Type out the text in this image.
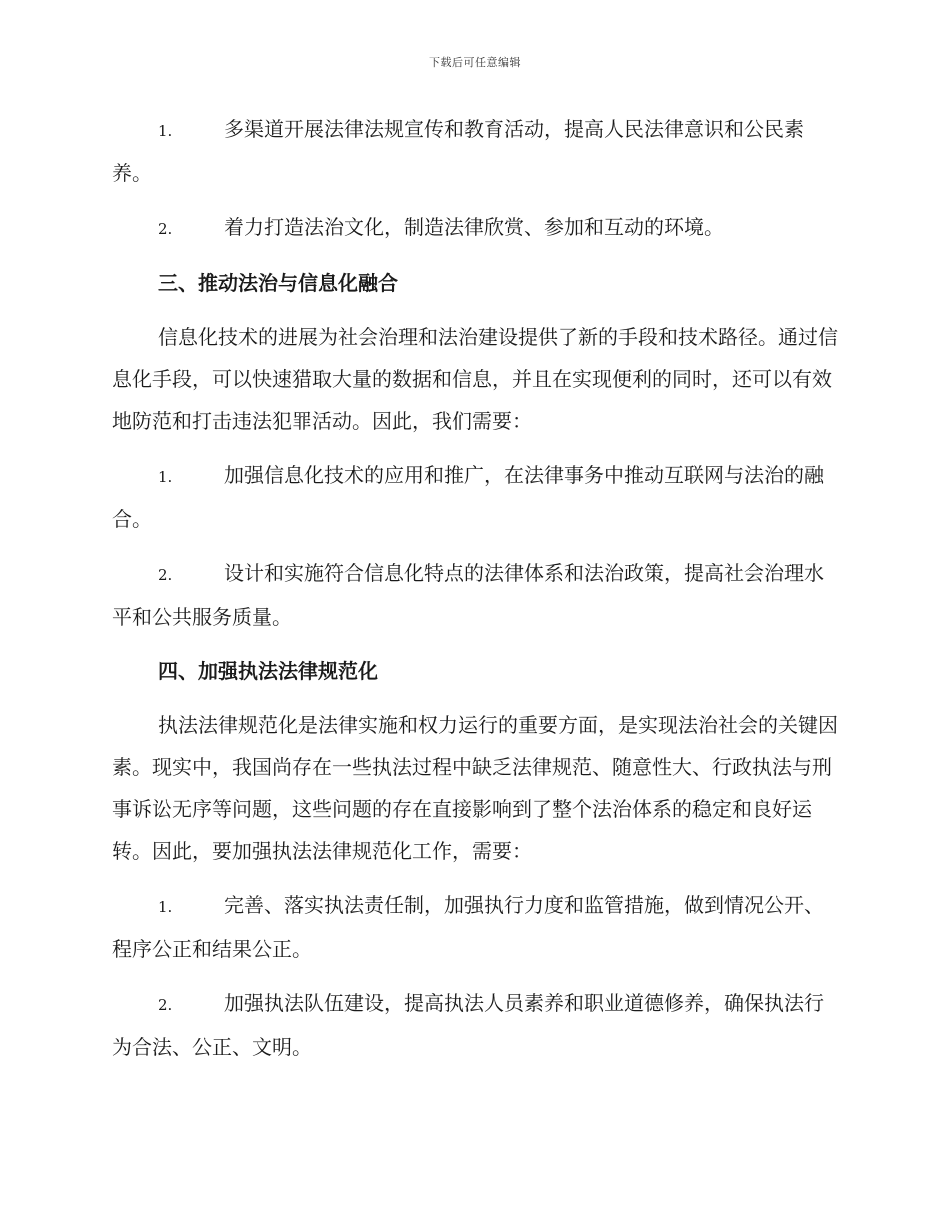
下载后可任意编辑
1.	多渠道开展法律法规宣传和教育活动，提高人民法律意识和公民素养。
2.	着力打造法治文化，制造法律欣赏、参加和互动的环境。
三、推动法治与信息化融合
信息化技术的进展为社会治理和法治建设提供了新的手段和技术路径。通过信息化手段，可以快速猎取大量的数据和信息，并且在实现便利的同时，还可以有效地防范和打击违法犯罪活动。因此，我们需要：
1.	加强信息化技术的应用和推广，在法律事务中推动互联网与法治的融合。
2.	设计和实施符合信息化特点的法律体系和法治政策，提高社会治理水平和公共服务质量。
四、加强执法法律规范化
执法法律规范化是法律实施和权力运行的重要方面，是实现法治社会的关键因素。现实中，我国尚存在一些执法过程中缺乏法律规范、随意性大、行政执法与刑事诉讼无序等问题，这些问题的存在直接影响到了整个法治体系的稳定和良好运转。因此，要加强执法法律规范化工作，需要：
1.	完善、落实执法责任制，加强执行力度和监管措施，做到情况公开、程序公正和结果公正。
2.	加强执法队伍建设，提高执法人员素养和职业道德修养，确保执法行为合法、公正、文明。
